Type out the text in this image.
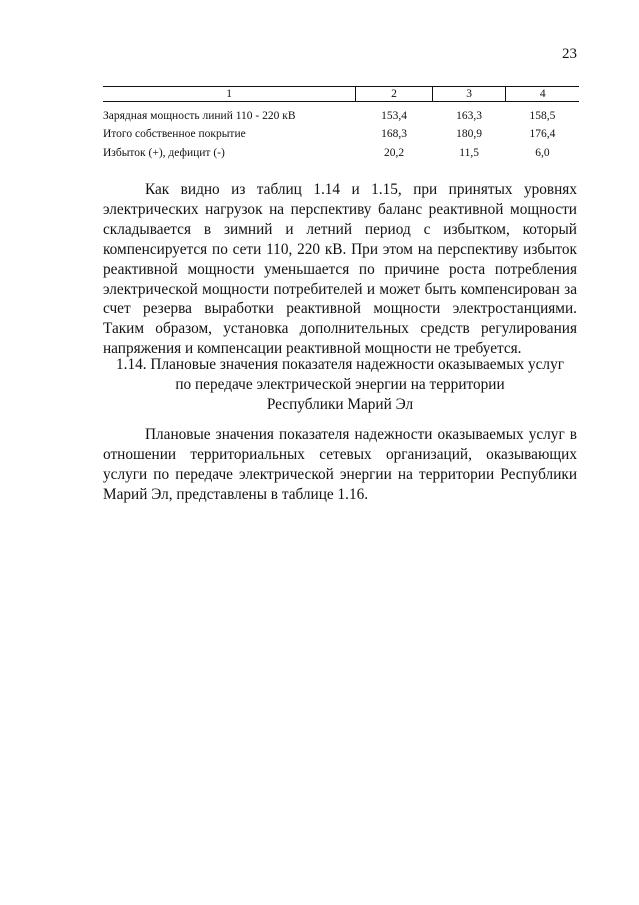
23
1	2	3	4
Зарядная мощность линий 110 - 220 кВ	153,4	163,3	158,5
Итого собственное покрытие	168,3	180,9	176,4
Избыток (+), дефицит (-)	20,2	11,5	6,0

Как видно из таблиц 1.14 и 1.15, при принятых уровнях электрических нагрузок на перспективу баланс реактивной мощности складывается в зимний и летний период с избытком, который компенсируется по сети 110, 220 кВ. При этом на перспективу избыток реактивной мощности уменьшается по причине роста потребления электрической мощности потребителей и может быть компенсирован за счет резерва выработки реактивной мощности электростанциями. Таким образом, установка дополнительных средств регулирования напряжения и компенсации реактивной мощности не требуется.

1.14. Плановые значения показателя надежности оказываемых услуг
по передаче электрической энергии на территории
Республики Марий Эл

Плановые значения показателя надежности оказываемых услуг в отношении территориальных сетевых организаций, оказывающих услуги по передаче электрической энергии на территории Республики Марий Эл, представлены в таблице 1.16.
